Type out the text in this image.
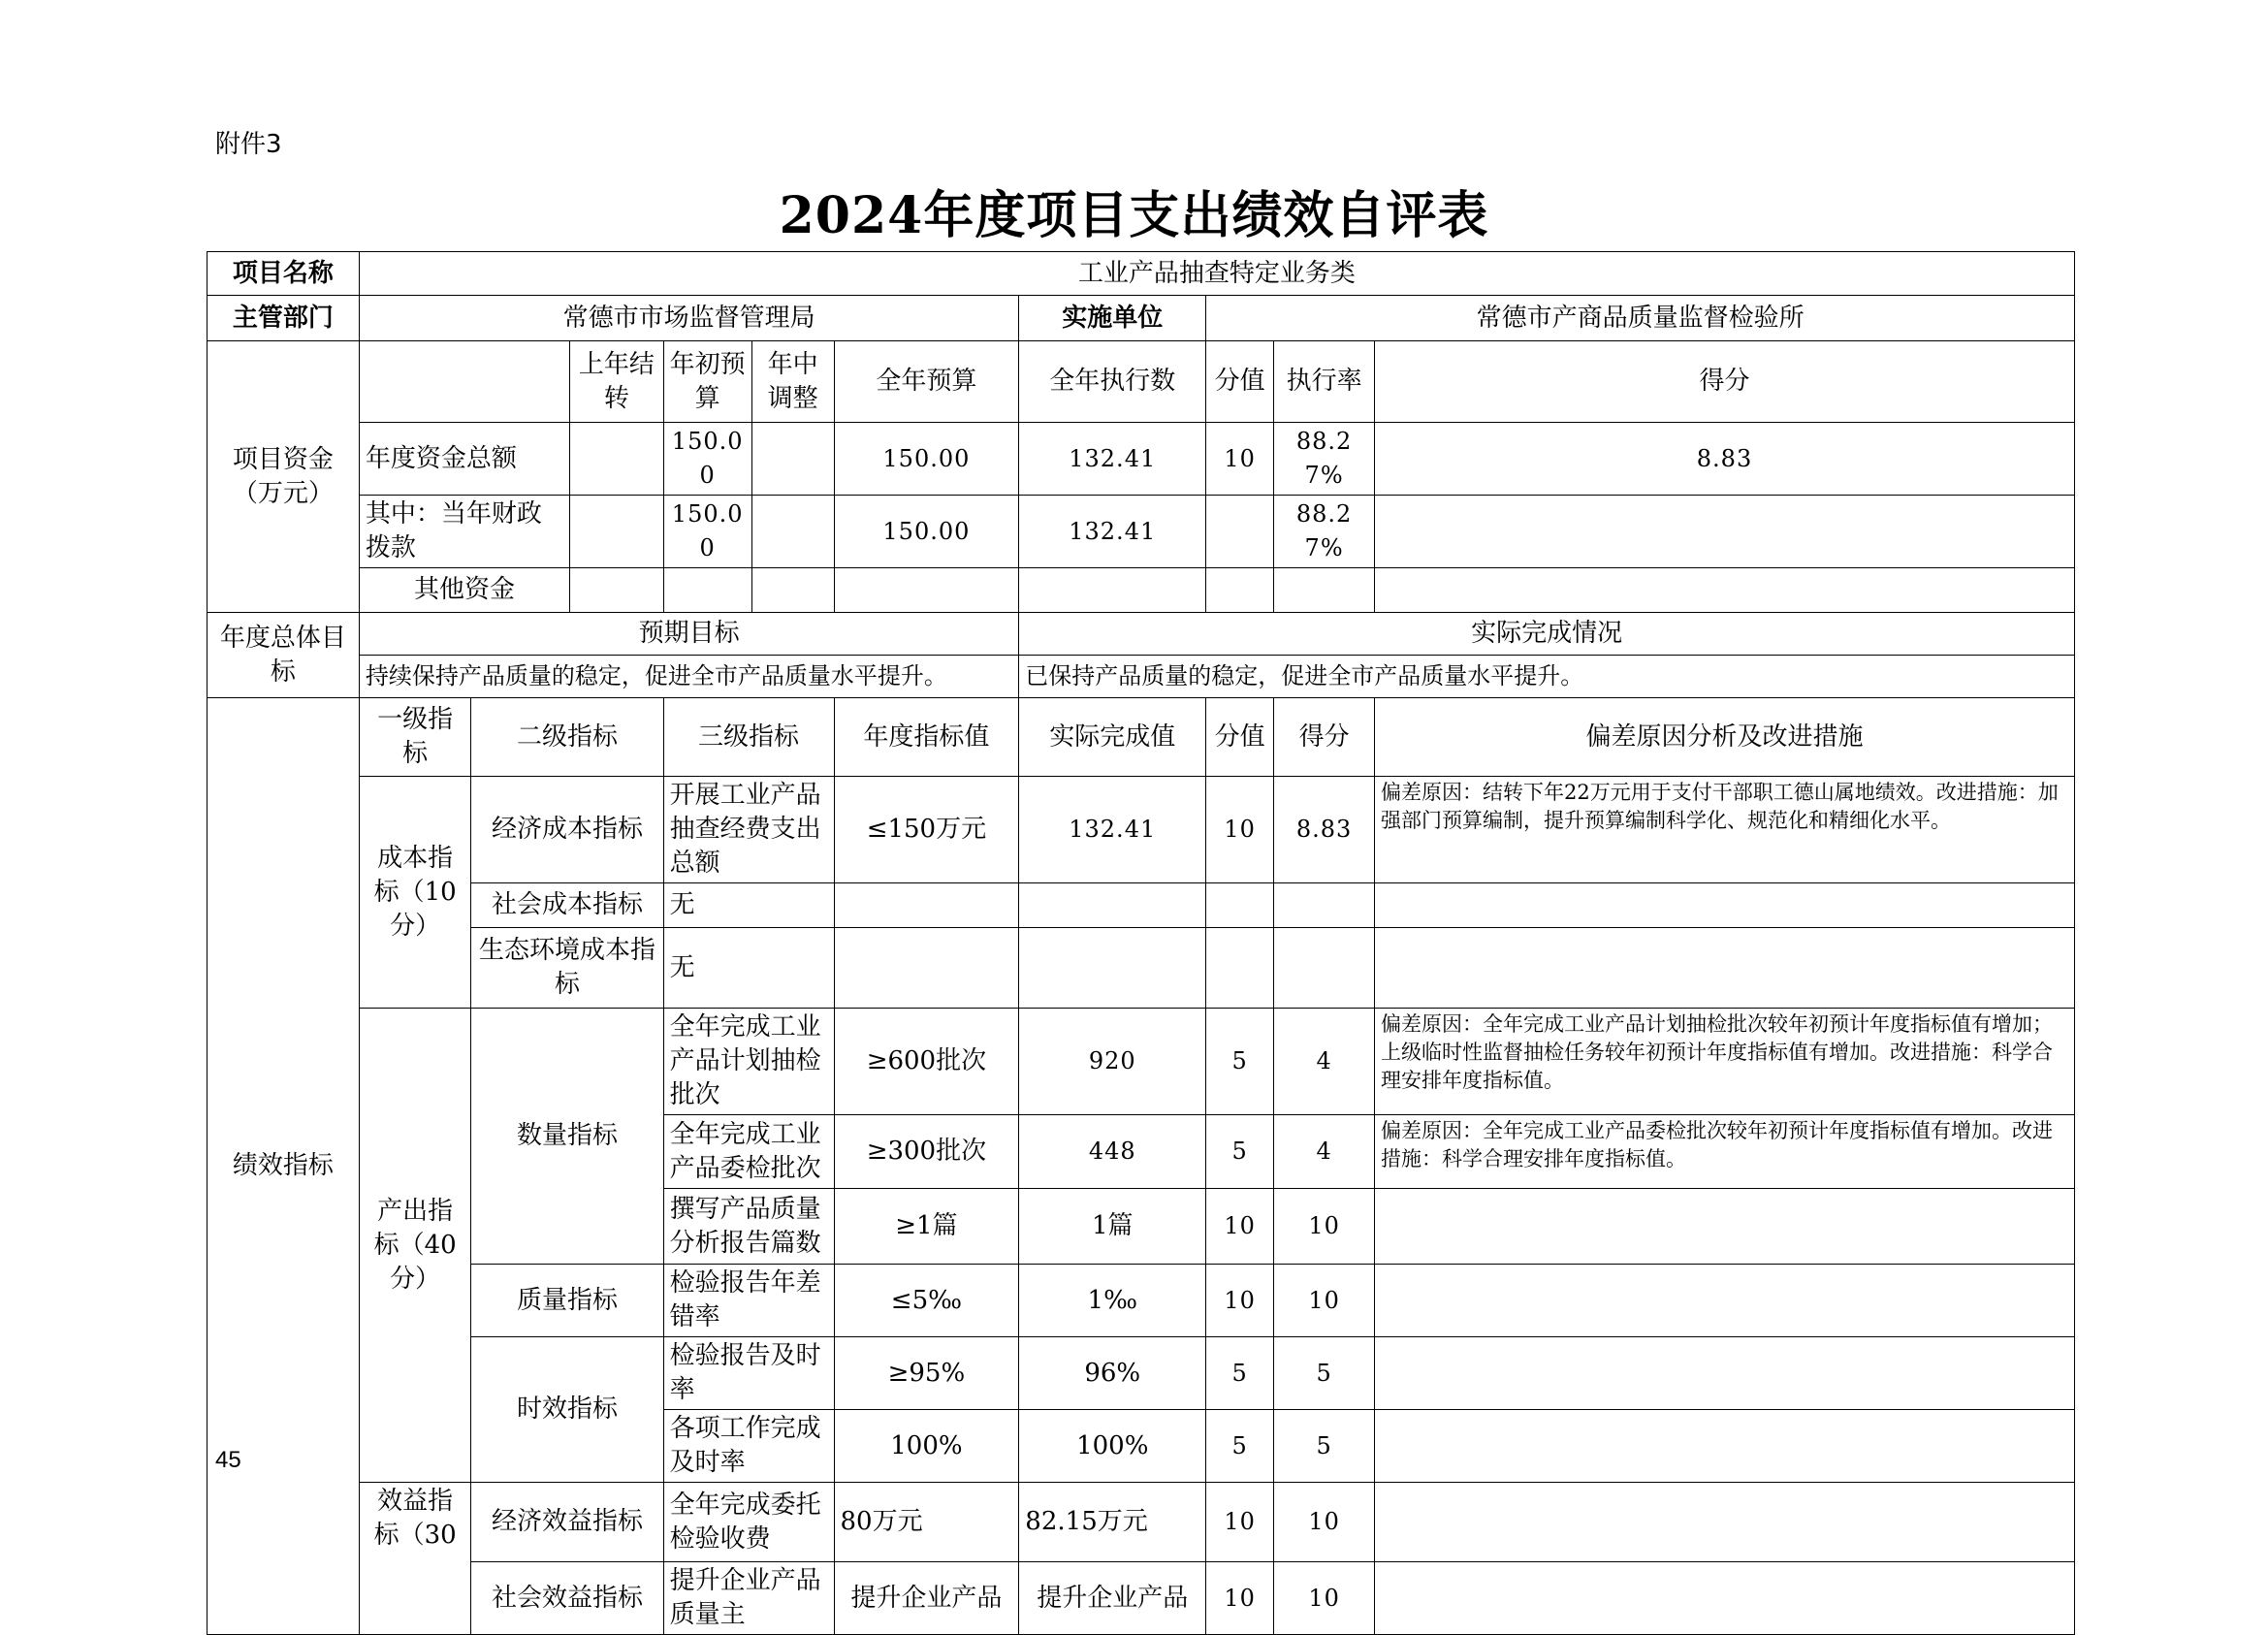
附件3
2024年度项目支出绩效自评表
项目名称	工业产品抽查特定业务类									
主管部门	常德市市场监督管理局						实施单位	常德市产商品质量监督检验所		
项目资金（万元）			上年结转	年初预算	年中调整	全年预算	全年执行数	分值	执行率	得分
	年度资金总额			150.00		150.00	132.41	10	88.27%	8.83
	其中：当年财政拨款			150.00		150.00	132.41		88.27%	
	其他资金									
年度总体目标	预期目标						实际完成情况			
	持续保持产品质量的稳定，促进全市产品质量水平提升。						已保持产品质量的稳定，促进全市产品质量水平提升。			
绩效指标	一级指标	二级指标		三级指标		年度指标值	实际完成值	分值	得分	偏差原因分析及改进措施
	成本指标（10分）	经济成本指标		开展工业产品抽查经费支出总额		≤150万元	132.41	10	8.83	偏差原因：结转下年22万元用于支付干部职工德山属地绩效。改进措施：加强部门预算编制，提升预算编制科学化、规范化和精细化水平。
		社会成本指标		无						
		生态环境成本指标		无						
	产出指标（40分）	数量指标		全年完成工业产品计划抽检批次		≥600批次	920	5	4	偏差原因：全年完成工业产品计划抽检批次较年初预计年度指标值有增加；上级临时性监督抽检任务较年初预计年度指标值有增加。改进措施：科学合理安排年度指标值。
				全年完成工业产品委检批次		≥300批次	448	5	4	偏差原因：全年完成工业产品委检批次较年初预计年度指标值有增加。改进措施：科学合理安排年度指标值。
				撰写产品质量分析报告篇数		≥1篇	1篇	10	10	
		质量指标		检验报告年差错率		≤5‰	1‰	10	10	
		时效指标		检验报告及时率		≥95%	96%	5	5	
				各项工作完成及时率		100%	100%	5	5	
	效益指标（30	经济效益指标		全年完成委托检验收费		80万元	82.15万元	10	10	
		社会效益指标		提升企业产品质量主		提升企业产品	提升企业产品	10	10	
45
